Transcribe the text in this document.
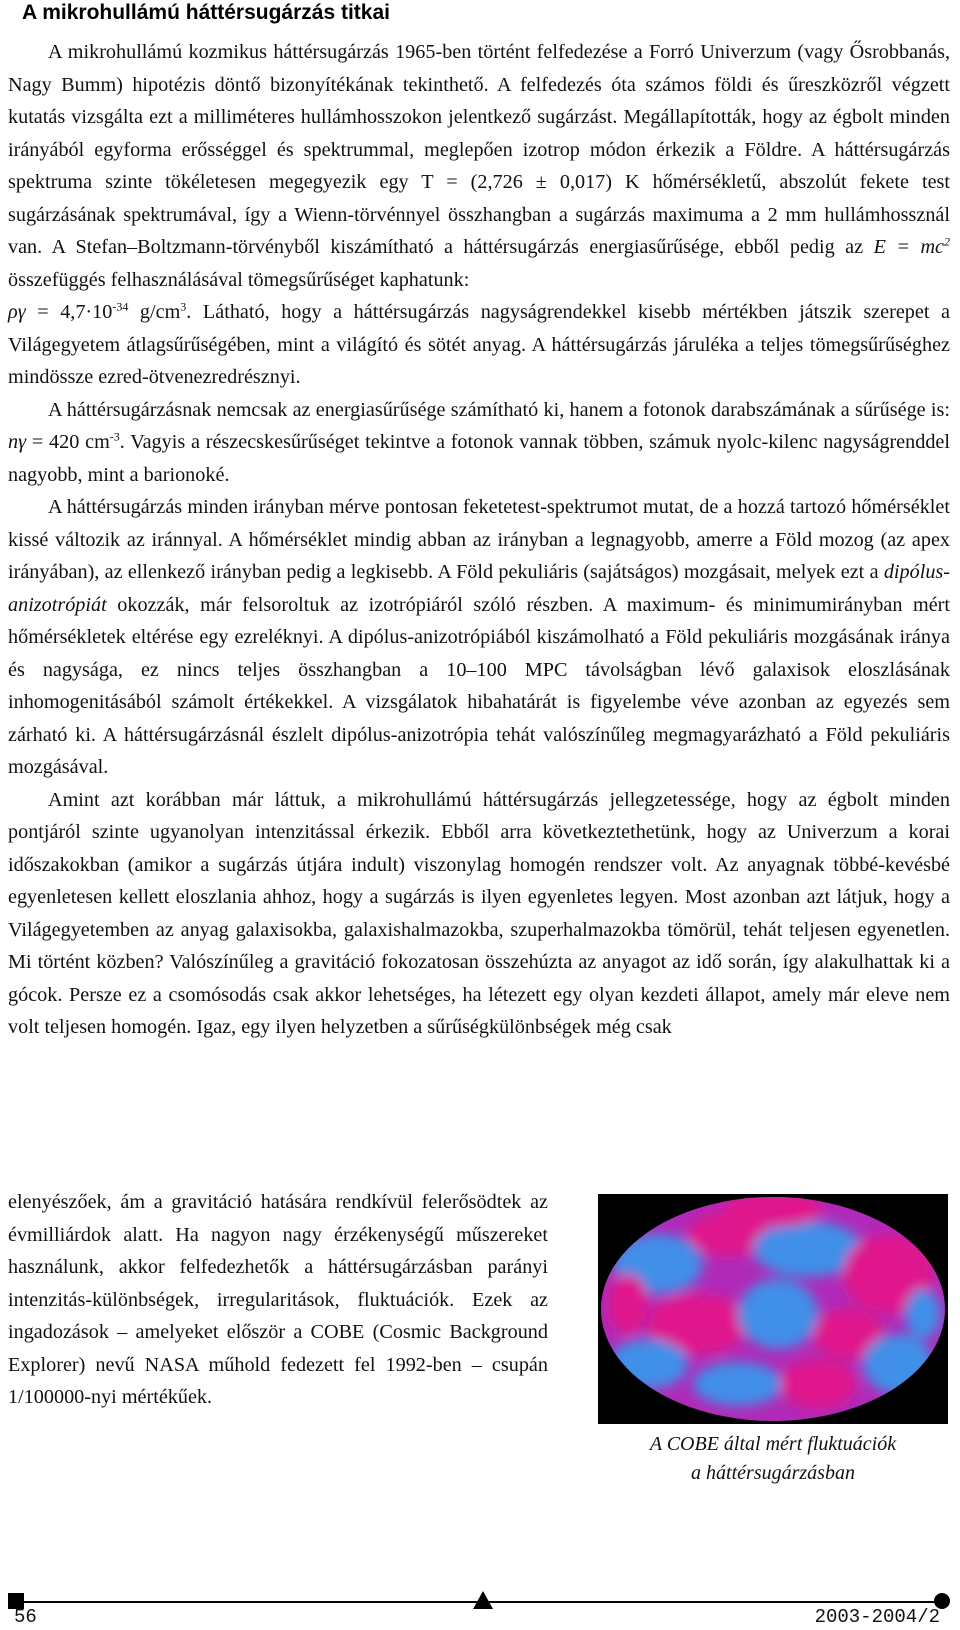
A mikrohullámú háttérsugárzás titkai

A mikrohullámú kozmikus háttérsugárzás 1965-ben történt felfedezése a Forró Univerzum (vagy Ősrobbanás, Nagy Bumm) hipotézis döntő bizonyítékának tekinthető. A felfedezés óta számos földi és űreszközről végzett kutatás vizsgálta ezt a milliméteres hullámhosszokon jelentkező sugárzást. Megállapították, hogy az égbolt minden irányából egyforma erősséggel és spektrummal, meglepően izotrop módon érkezik a Földre. A háttérsugárzás spektruma szinte tökéletesen megegyezik egy T = (2,726 ± 0,017) K hőmérsékletű, abszolút fekete test sugárzásának spektrumával, így a Wienn-törvénnyel összhangban a sugárzás maximuma a 2 mm hullámhossznál van. A Stefan–Boltzmann-törvényből kiszámítható a háttérsugárzás energiasűrűsége, ebből pedig az $E = mc^2$ összefüggés felhasználásával tömegsűrűséget kaphatunk:
$\rho\gamma = 4,7\cdot 10^{-34}$ $g/cm^3$. Látható, hogy a háttérsugárzás nagyságrendekkel kisebb mértékben játszik szerepet a Világegyetem átlagsűrűségében, mint a világító és sötét anyag. A háttérsugárzás járuléka a teljes tömegsűrűséghez mindössze ezred-ötvenezredrésznyi.

A háttérsugárzásnak nemcsak az energiasűrűsége számítható ki, hanem a fotonok darabszámának a sűrűsége is: nγ = 420 $cm^{-3}$. Vagyis a részecskesűrűséget tekintve a fotonok vannak többen, számuk nyolc-kilenc nagyságrenddel nagyobb, mint a barionoké.

A háttérsugárzás minden irányban mérve pontosan feketetest-spektrumot mutat, de a hozzá tartozó hőmérséklet kissé változik az iránnyal. A hőmérséklet mindig abban az irányban a legnagyobb, amerre a Föld mozog (az apex irányában), az ellenkező irányban pedig a legkisebb. A Föld pekuliáris (sajátságos) mozgásait, melyek ezt a dipólus-anizotrópiát okozzák, már felsoroltuk az izotrópiáról szóló részben. A maximum- és minimumirányban mért hőmérsékletek eltérése egy ezreléknyi. A dipólus-anizotrópiából kiszámolható a Föld pekuliáris mozgásának iránya és nagysága, ez nincs teljes összhangban a 10–100 MPC távolságban lévő galaxisok eloszlásának inhomogenitásából számolt értékekkel. A vizsgálatok hibahatárát is figyelembe véve azonban az egyezés sem zárható ki. A háttérsugárzásnál észlelt dipólus-anizotrópia tehát valószínűleg megmagyarázható a Föld pekuliáris mozgásával.

Amint azt korábban már láttuk, a mikrohullámú háttérsugárzás jellegzetessége, hogy az égbolt minden pontjáról szinte ugyanolyan intenzitással érkezik. Ebből arra következtethetünk, hogy az Univerzum a korai időszakokban (amikor a sugárzás útjára indult) viszonylag homogén rendszer volt. Az anyagnak többé-kevésbé egyenletesen kellett eloszlania ahhoz, hogy a sugárzás is ilyen egyenletes legyen. Most azonban azt látjuk, hogy a Világegyetemben az anyag galaxisokba, galaxishalmazokba, szuperhalmazokba tömörül, tehát teljesen egyenetlen. Mi történt közben? Valószínűleg a gravitáció fokozatosan összehúzta az anyagot az idő során, így alakulhattak ki a gócok. Persze ez a csomósodás csak akkor lehetséges, ha létezett egy olyan kezdeti állapot, amely már eleve nem volt teljesen homogén. Igaz, egy ilyen helyzetben a sűrűségkülönbségek még csak

elenyészőek, ám a gravitáció hatására rendkívül felerősödtek az évmilliárdok alatt. Ha nagyon nagy érzékenységű műszereket használunk, akkor felfedezhetők a háttérsugárzásban parányi intenzitás-különbségek, irregularitások, fluktuációk. Ezek az ingadozások – amelyeket először a COBE (Cosmic Background Explorer) nevű NASA műhold fedezett fel 1992-ben – csupán 1/100000-nyi mértékűek.

A COBE által mért fluktuációk
a háttérsugárzásban
56	2003-2004/2
